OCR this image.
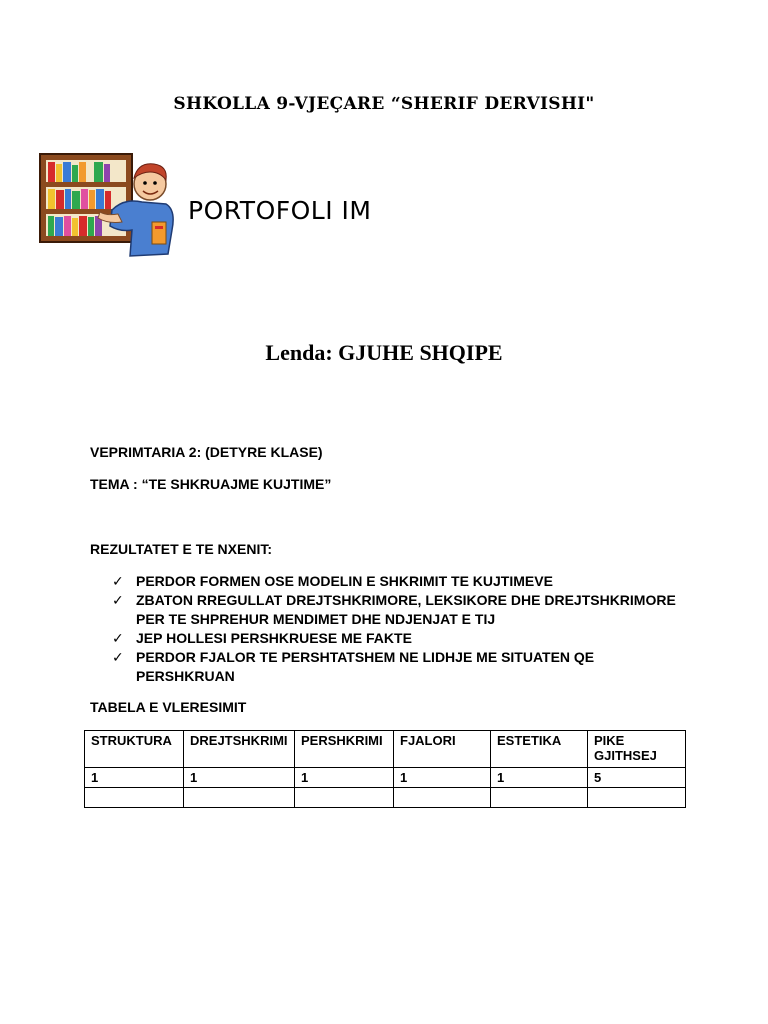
SHKOLLA 9-VJEÇARE “SHERIF DERVISHI"
PORTOFOLI IM
Lenda: GJUHE SHQIPE
VEPRIMTARIA 2: (DETYRE KLASE)
TEMA : “TE SHKRUAJME KUJTIME”
REZULTATET E TE NXENIT:
✓ PERDOR FORMEN OSE MODELIN E SHKRIMIT TE KUJTIMEVE
✓ ZBATON RREGULLAT DREJTSHKRIMORE, LEKSIKORE DHE DREJTSHKRIMORE PER TE SHPREHUR MENDIMET DHE NDJENJAT E TIJ
✓ JEP HOLLESI PERSHKRUESE ME FAKTE
✓ PERDOR FJALOR TE PERSHTATSHEM NE LIDHJE ME SITUATEN QE PERSHKRUAN
TABELA E VLERESIMIT
STRUKTURA	DREJTSHKRIMI	PERSHKRIMI	FJALORI	ESTETIKA	PIKE GJITHSEJ
1	1	1	1	1	5
